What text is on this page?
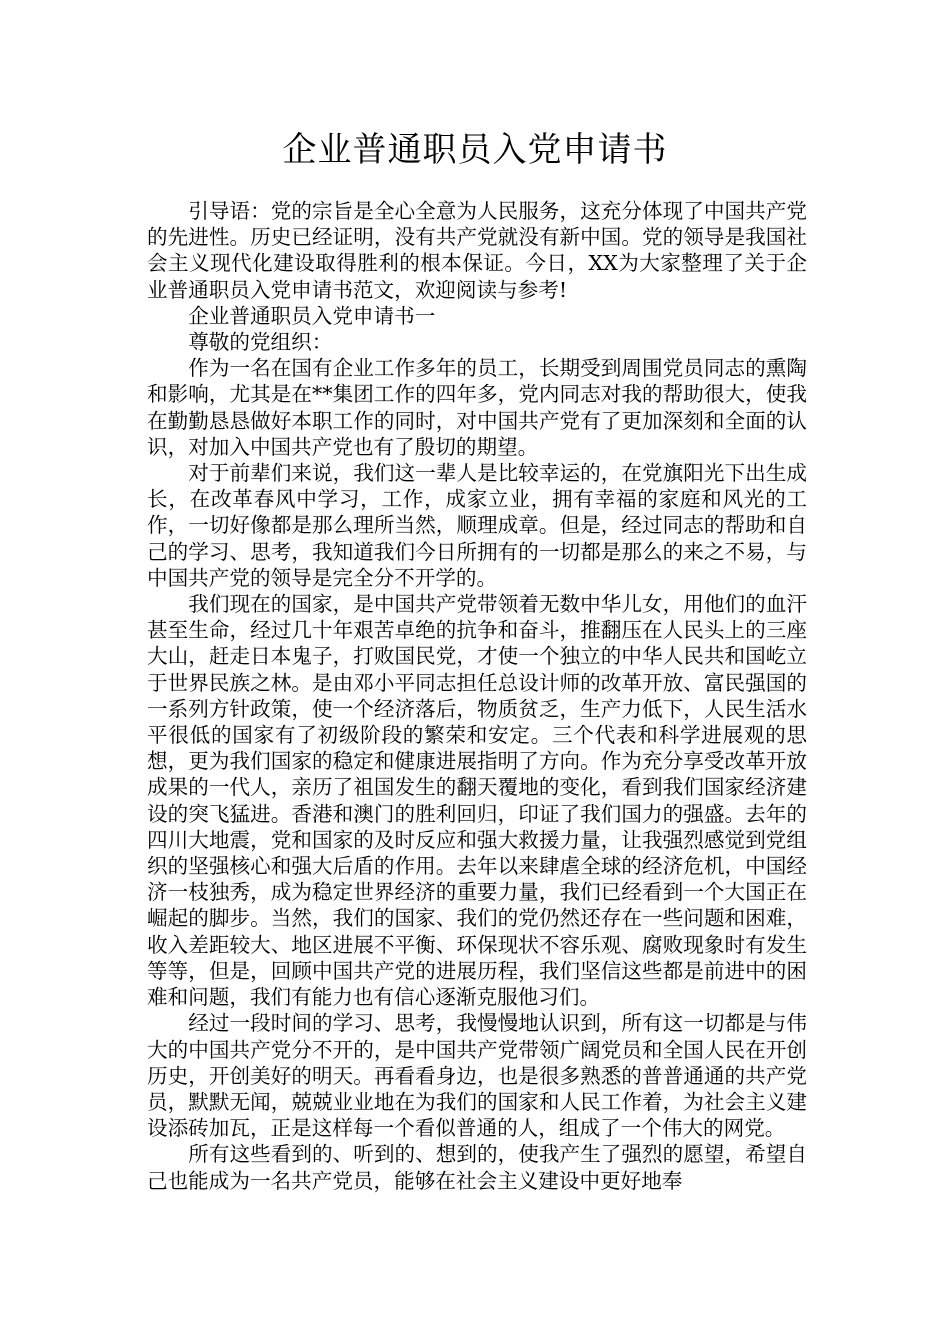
企业普通职员入党申请书

引导语：党的宗旨是全心全意为人民服务，这充分体现了中国共产党的先进性。历史已经证明，没有共产党就没有新中国。党的领导是我国社会主义现代化建设取得胜利的根本保证。今日，XX为大家整理了关于企业普通职员入党申请书范文，欢迎阅读与参考!

企业普通职员入党申请书一

尊敬的党组织：

作为一名在国有企业工作多年的员工，长期受到周围党员同志的熏陶和影响，尤其是在**集团工作的四年多，党内同志对我的帮助很大，使我在勤勤恳恳做好本职工作的同时，对中国共产党有了更加深刻和全面的认识，对加入中国共产党也有了殷切的期望。

对于前辈们来说，我们这一辈人是比较幸运的，在党旗阳光下出生成长，在改革春风中学习，工作，成家立业，拥有幸福的家庭和风光的工作，一切好像都是那么理所当然，顺理成章。但是，经过同志的帮助和自己的学习、思考，我知道我们今日所拥有的一切都是那么的来之不易，与中国共产党的领导是完全分不开学的。

我们现在的国家，是中国共产党带领着无数中华儿女，用他们的血汗甚至生命，经过几十年艰苦卓绝的抗争和奋斗，推翻压在人民头上的三座大山，赶走日本鬼子，打败国民党，才使一个独立的中华人民共和国屹立于世界民族之林。是由邓小平同志担任总设计师的改革开放、富民强国的一系列方针政策，使一个经济落后，物质贫乏，生产力低下，人民生活水平很低的国家有了初级阶段的繁荣和安定。三个代表和科学进展观的思想，更为我们国家的稳定和健康进展指明了方向。作为充分享受改革开放成果的一代人，亲历了祖国发生的翻天覆地的变化，看到我们国家经济建设的突飞猛进。香港和澳门的胜利回归，印证了我们国力的强盛。去年的四川大地震，党和国家的及时反应和强大救援力量，让我强烈感觉到党组织的坚强核心和强大后盾的作用。去年以来肆虐全球的经济危机，中国经济一枝独秀，成为稳定世界经济的重要力量，我们已经看到一个大国正在崛起的脚步。当然，我们的国家、我们的党仍然还存在一些问题和困难，收入差距较大、地区进展不平衡、环保现状不容乐观、腐败现象时有发生等等，但是，回顾中国共产党的进展历程，我们坚信这些都是前进中的困难和问题，我们有能力也有信心逐渐克服他习们。

经过一段时间的学习、思考，我慢慢地认识到，所有这一切都是与伟大的中国共产党分不开的，是中国共产党带领广阔党员和全国人民在开创历史，开创美好的明天。再看看身边，也是很多熟悉的普普通通的共产党员，默默无闻，兢兢业业地在为我们的国家和人民工作着，为社会主义建设添砖加瓦，正是这样每一个看似普通的人，组成了一个伟大的网党。

所有这些看到的、听到的、想到的，使我产生了强烈的愿望，希望自己也能成为一名共产党员，能够在社会主义建设中更好地奉
